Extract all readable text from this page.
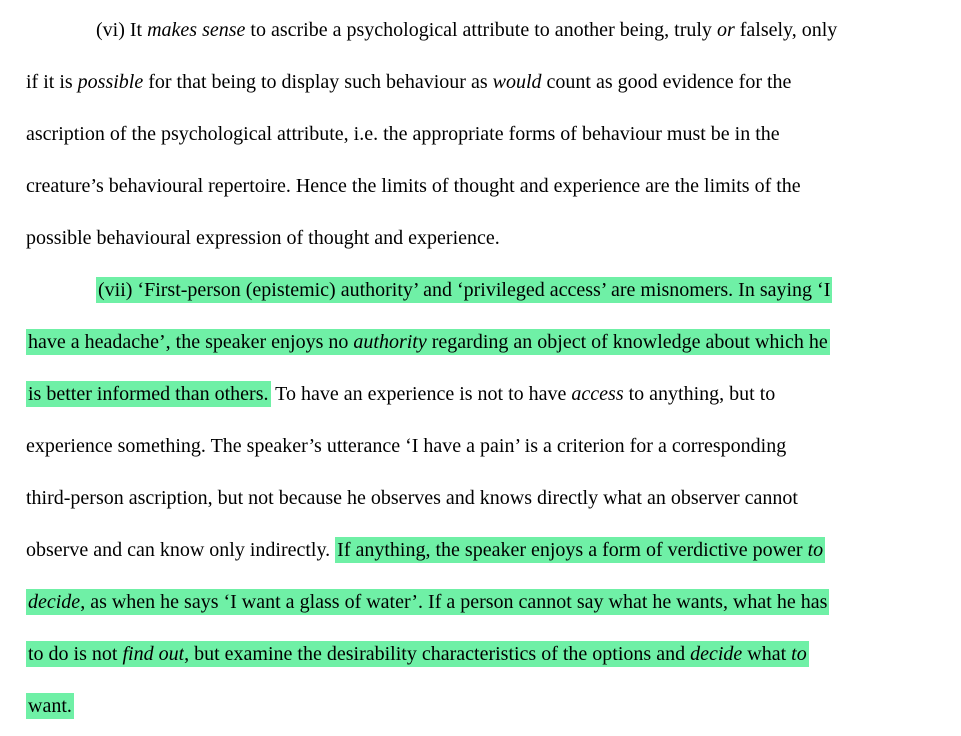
(vi) It makes sense to ascribe a psychological attribute to another being, truly or falsely, only
if it is possible for that being to display such behaviour as would count as good evidence for the
ascription of the psychological attribute, i.e. the appropriate forms of behaviour must be in the
creature’s behavioural repertoire. Hence the limits of thought and experience are the limits of the
possible behavioural expression of thought and experience.
(vii) ‘First-person (epistemic) authority’ and ‘privileged access’ are misnomers. In saying ‘I
have a headache’, the speaker enjoys no authority regarding an object of knowledge about which he
is better informed than others. To have an experience is not to have access to anything, but to
experience something. The speaker’s utterance ‘I have a pain’ is a criterion for a corresponding
third-person ascription, but not because he observes and knows directly what an observer cannot
observe and can know only indirectly. If anything, the speaker enjoys a form of verdictive power to
decide, as when he says ‘I want a glass of water’. If a person cannot say what he wants, what he has
to do is not find out, but examine the desirability characteristics of the options and decide what to
want.
